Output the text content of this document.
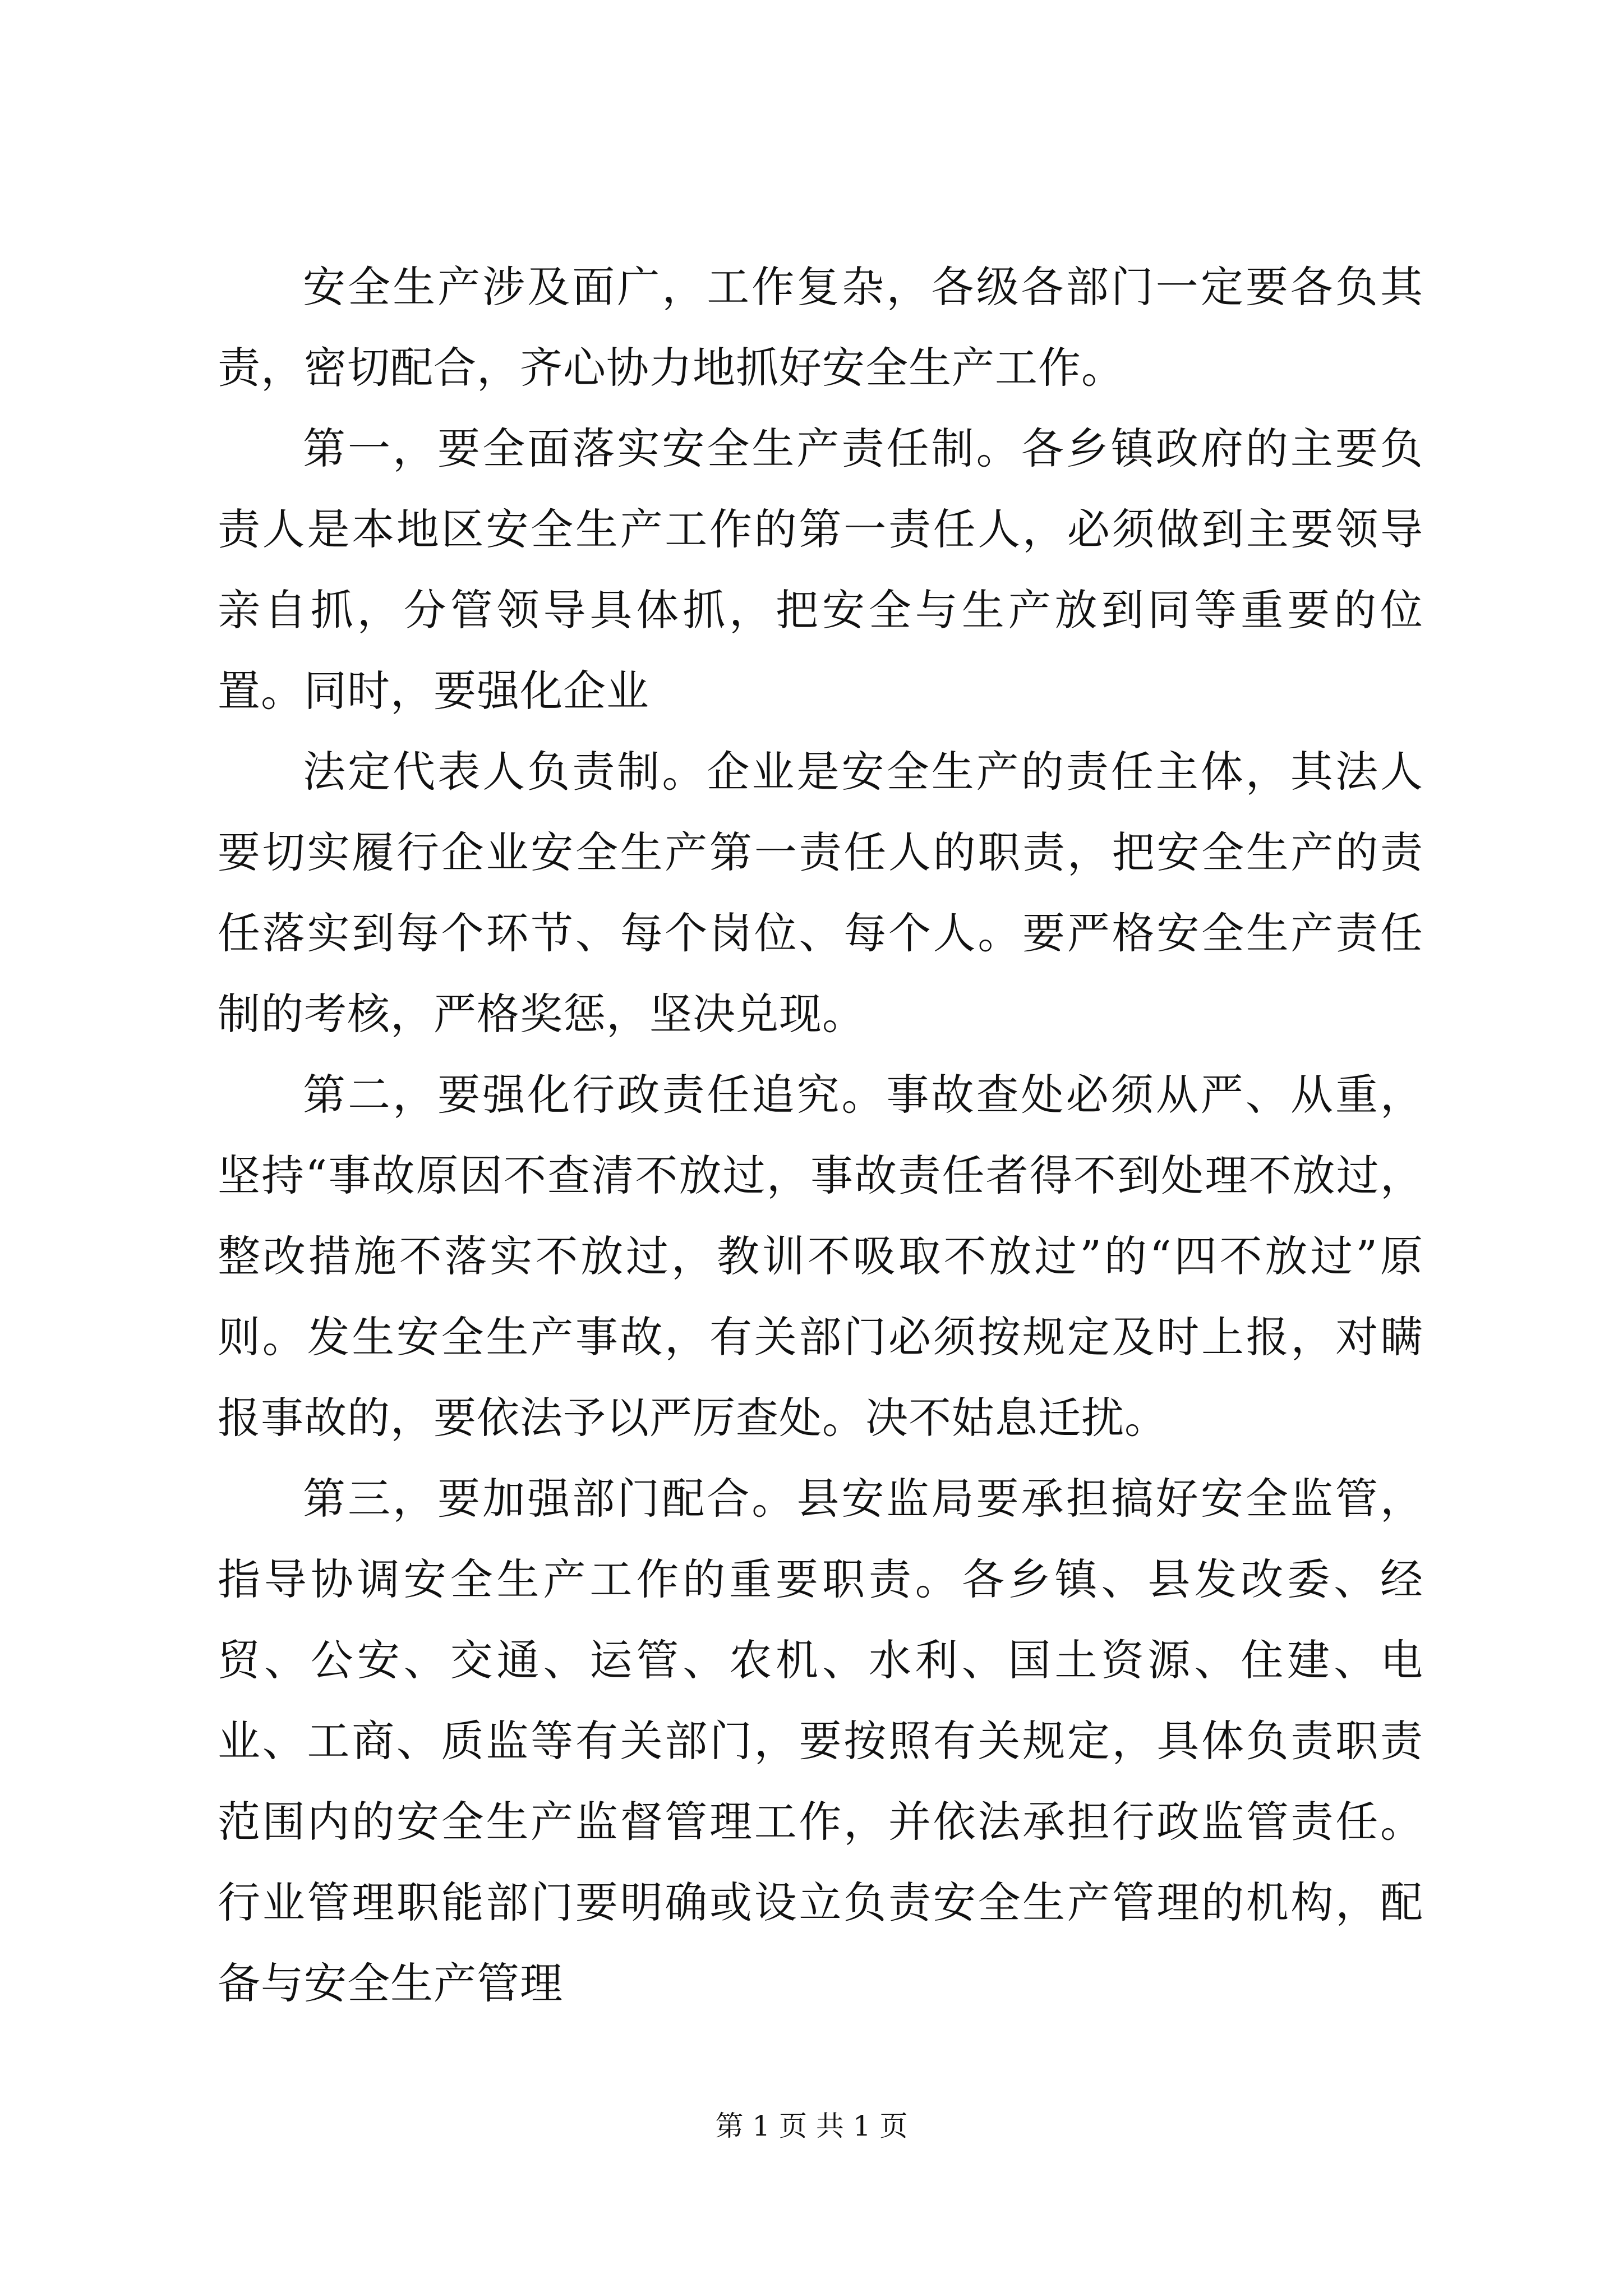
安全生产涉及面广，工作复杂，各级各部门一定要各负其责，密切配合，齐心协力地抓好安全生产工作。

第一，要全面落实安全生产责任制。各乡镇政府的主要负责人是本地区安全生产工作的第一责任人，必须做到主要领导亲自抓，分管领导具体抓，把安全与生产放到同等重要的位置。同时，要强化企业

法定代表人负责制。企业是安全生产的责任主体，其法人要切实履行企业安全生产第一责任人的职责，把安全生产的责任落实到每个环节、每个岗位、每个人。要严格安全生产责任制的考核，严格奖惩，坚决兑现。

第二，要强化行政责任追究。事故查处必须从严、从重，坚持“事故原因不查清不放过，事故责任者得不到处理不放过，整改措施不落实不放过，教训不吸取不放过”的“四不放过”原则。发生安全生产事故，有关部门必须按规定及时上报，对瞒报事故的，要依法予以严厉查处。决不姑息迁扰。

第三，要加强部门配合。县安监局要承担搞好安全监管，指导协调安全生产工作的重要职责。各乡镇、县发改委、经贸、公安、交通、运管、农机、水利、国土资源、住建、电业、工商、质监等有关部门，要按照有关规定，具体负责职责范围内的安全生产监督管理工作，并依法承担行政监管责任。行业管理职能部门要明确或设立负责安全生产管理的机构，配备与安全生产管理

第 1 页 共 1 页
